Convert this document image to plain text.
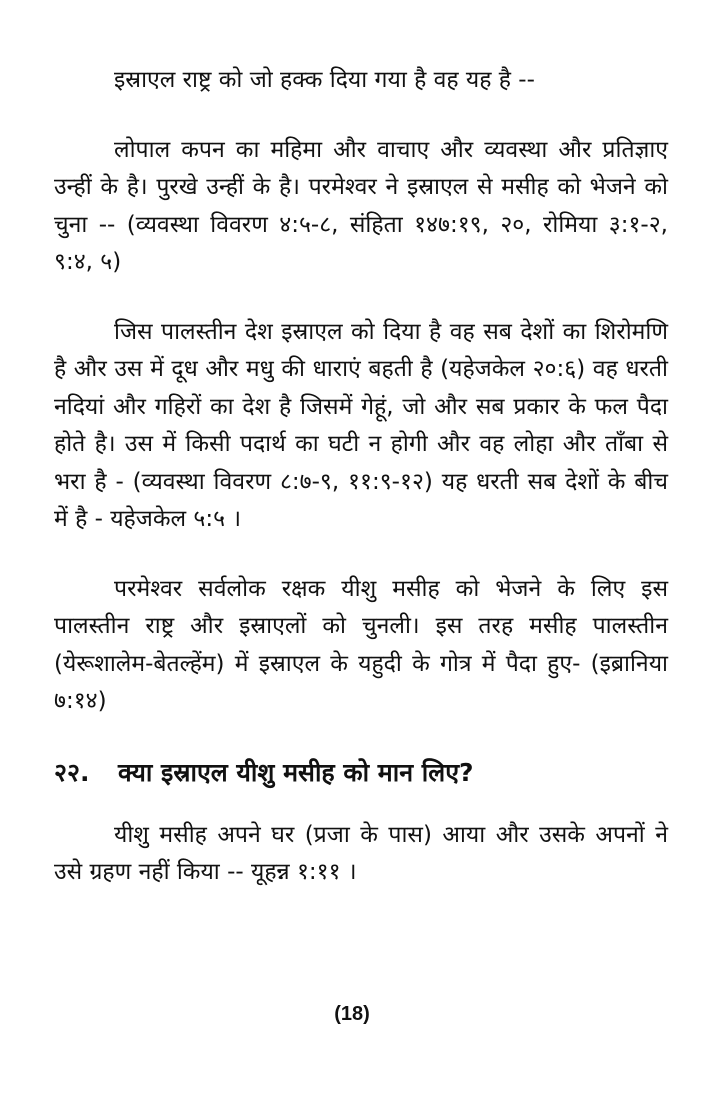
इस्राएल राष्ट्र को जो हक्क दिया गया है वह यह है --

लोपाल कपन का महिमा और वाचाए और व्यवस्था और प्रतिज्ञाए उन्हीं के है। पुरखे उन्हीं के है। परमेश्वर ने इस्राएल से मसीह को भेजने को चुना -- (व्यवस्था विवरण ४:५-८, संहिता १४७:१९, २०, रोमिया ३:१-२, ९:४, ५)

जिस पालस्तीन देश इस्राएल को दिया है वह सब देशों का शिरोमणि है और उस में दूध और मधु की धाराएं बहती है (यहेजकेल २०:६) वह धरती नदियां और गहिरों का देश है जिसमें गेहूं, जो और सब प्रकार के फल पैदा होते है। उस में किसी पदार्थ का घटी न होगी और वह लोहा और ताँबा से भरा है - (व्यवस्था विवरण ८:७-९, ११:९-१२) यह धरती सब देशों के बीच में है - यहेजकेल ५:५ ।

परमेश्वर सर्वलोक रक्षक यीशु मसीह को भेजने के लिए इस पालस्तीन राष्ट्र और इस्राएलों को चुनली। इस तरह मसीह पालस्तीन (येरूशालेम-बेतल्हेंम) में इस्राएल के यहुदी के गोत्र में पैदा हुए- (इब्रानिया ७:१४)

२२.	क्या इस्राएल यीशु मसीह को मान लिए?

यीशु मसीह अपने घर (प्रजा के पास) आया और उसके अपनों ने उसे ग्रहण नहीं किया -- यूहन्न १:११ ।

(18)
